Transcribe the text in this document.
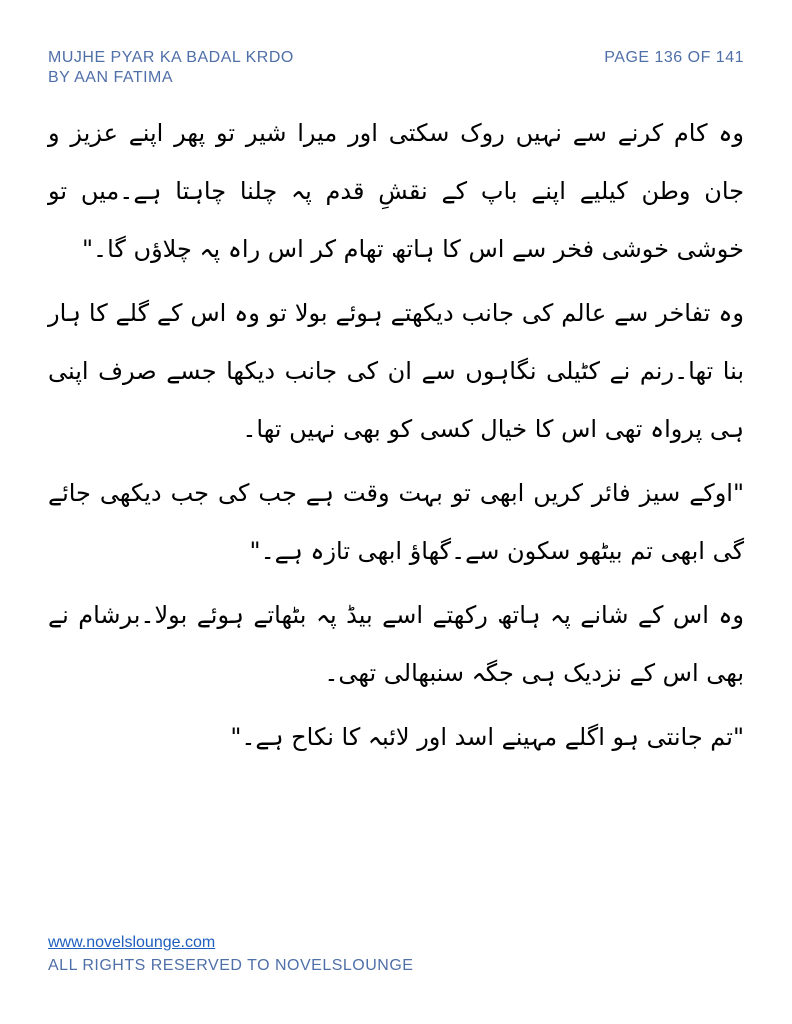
MUJHE PYAR KA BADAL KRDO
BY AAN FATIMA
PAGE 136 OF 141

وہ کام کرنے سے نہیں روک سکتی اور میرا شیر تو پھر اپنے عزیز و جان وطن کیلیے اپنے باپ کے نقشِ قدم پہ چلنا چاہتا ہے۔میں تو خوشی خوشی فخر سے اس کا ہاتھ تھام کر اس راہ پہ چلاؤں گا۔"

وہ تفاخر سے عالم کی جانب دیکھتے ہوئے بولا تو وہ اس کے گلے کا ہار بنا تھا۔رنم نے کٹیلی نگاہوں سے ان کی جانب دیکھا جسے صرف اپنی ہی پرواہ تھی اس کا خیال کسی کو بھی نہیں تھا۔

"اوکے سیز فائر کریں ابھی تو بہت وقت ہے جب کی جب دیکھی جائے گی ابھی تم بیٹھو سکون سے۔گھاؤ ابھی تازہ ہے۔"

وہ اس کے شانے پہ ہاتھ رکھتے اسے بیڈ پہ بٹھاتے ہوئے بولا۔برشام نے بھی اس کے نزدیک ہی جگہ سنبھالی تھی۔

"تم جانتی ہو اگلے مہینے اسد اور لائبہ کا نکاح ہے۔"

www.novelslounge.com
ALL RIGHTS RESERVED TO NOVELSLOUNGE
